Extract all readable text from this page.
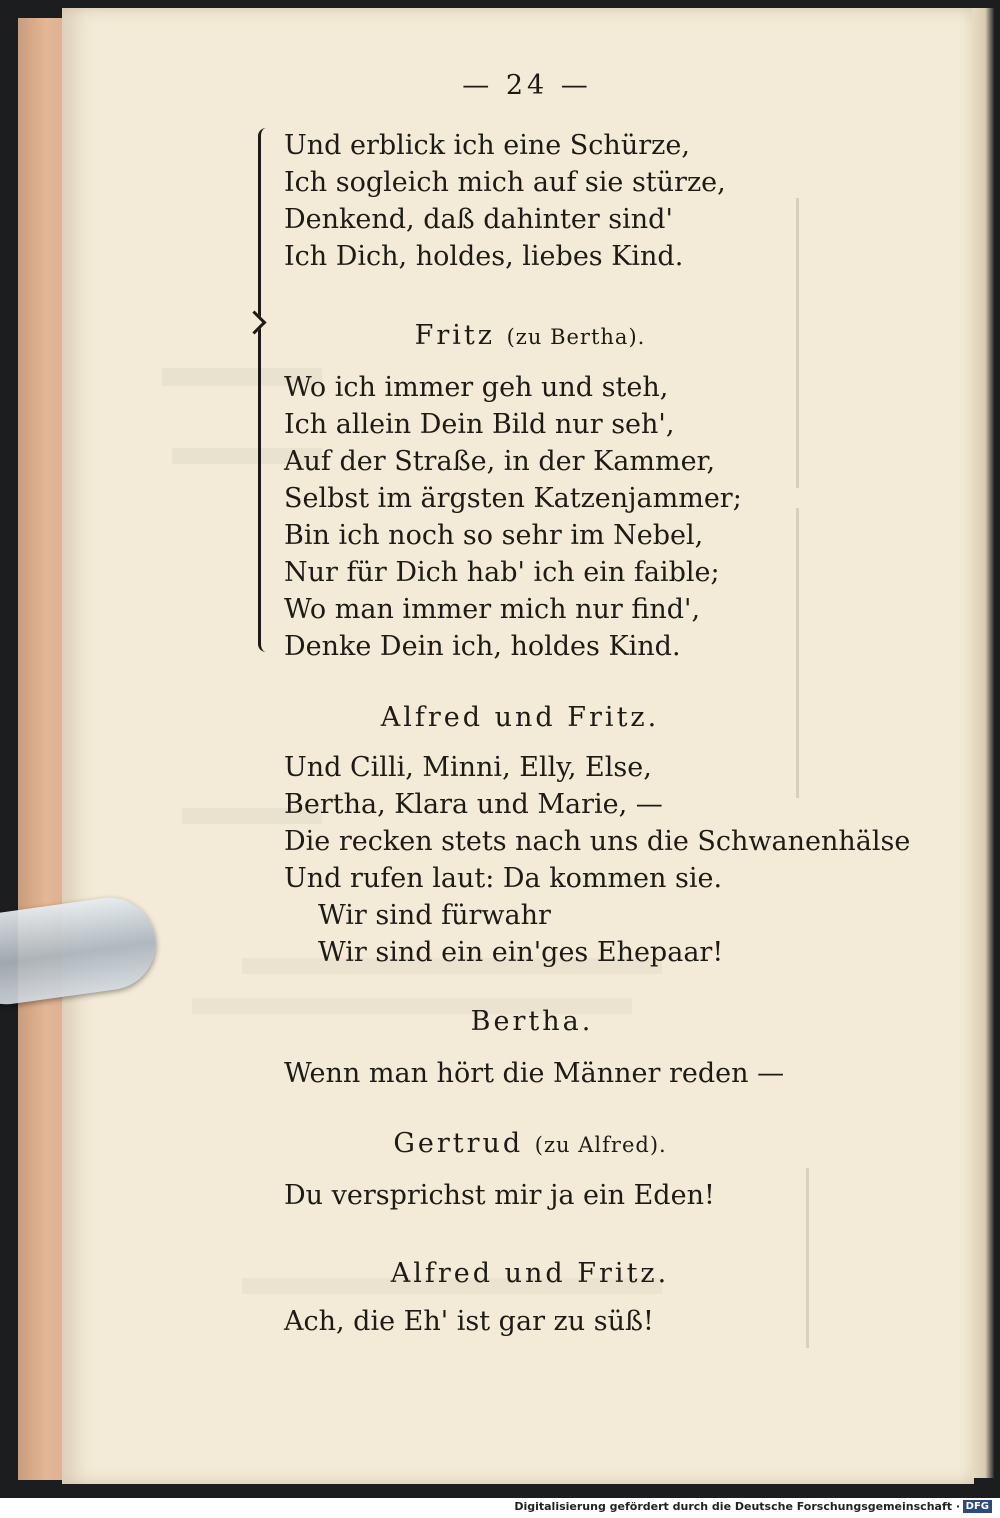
— 24 —
Und erblick ich eine Schürze,
Ich sogleich mich auf sie stürze,
Denkend, daß dahinter sind'
Ich Dich, holdes, liebes Kind.
Fritz (zu Bertha).
Wo ich immer geh und steh,
Ich allein Dein Bild nur seh',
Auf der Straße, in der Kammer,
Selbst im ärgsten Katzenjammer;
Bin ich noch so sehr im Nebel,
Nur für Dich hab' ich ein faible;
Wo man immer mich nur find',
Denke Dein ich, holdes Kind.
Alfred und Fritz.
Und Cilli, Minni, Elly, Else,
Bertha, Klara und Marie, —
Die recken stets nach uns die Schwanenhälse
Und rufen laut: Da kommen sie.
Wir sind fürwahr
Wir sind ein ein'ges Ehepaar!
Bertha.
Wenn man hört die Männer reden —
Gertrud (zu Alfred).
Du versprichst mir ja ein Eden!
Alfred und Fritz.
Ach, die Eh' ist gar zu süß!
Digitalisierung gefördert durch die Deutsche Forschungsgemeinschaft · DFG
